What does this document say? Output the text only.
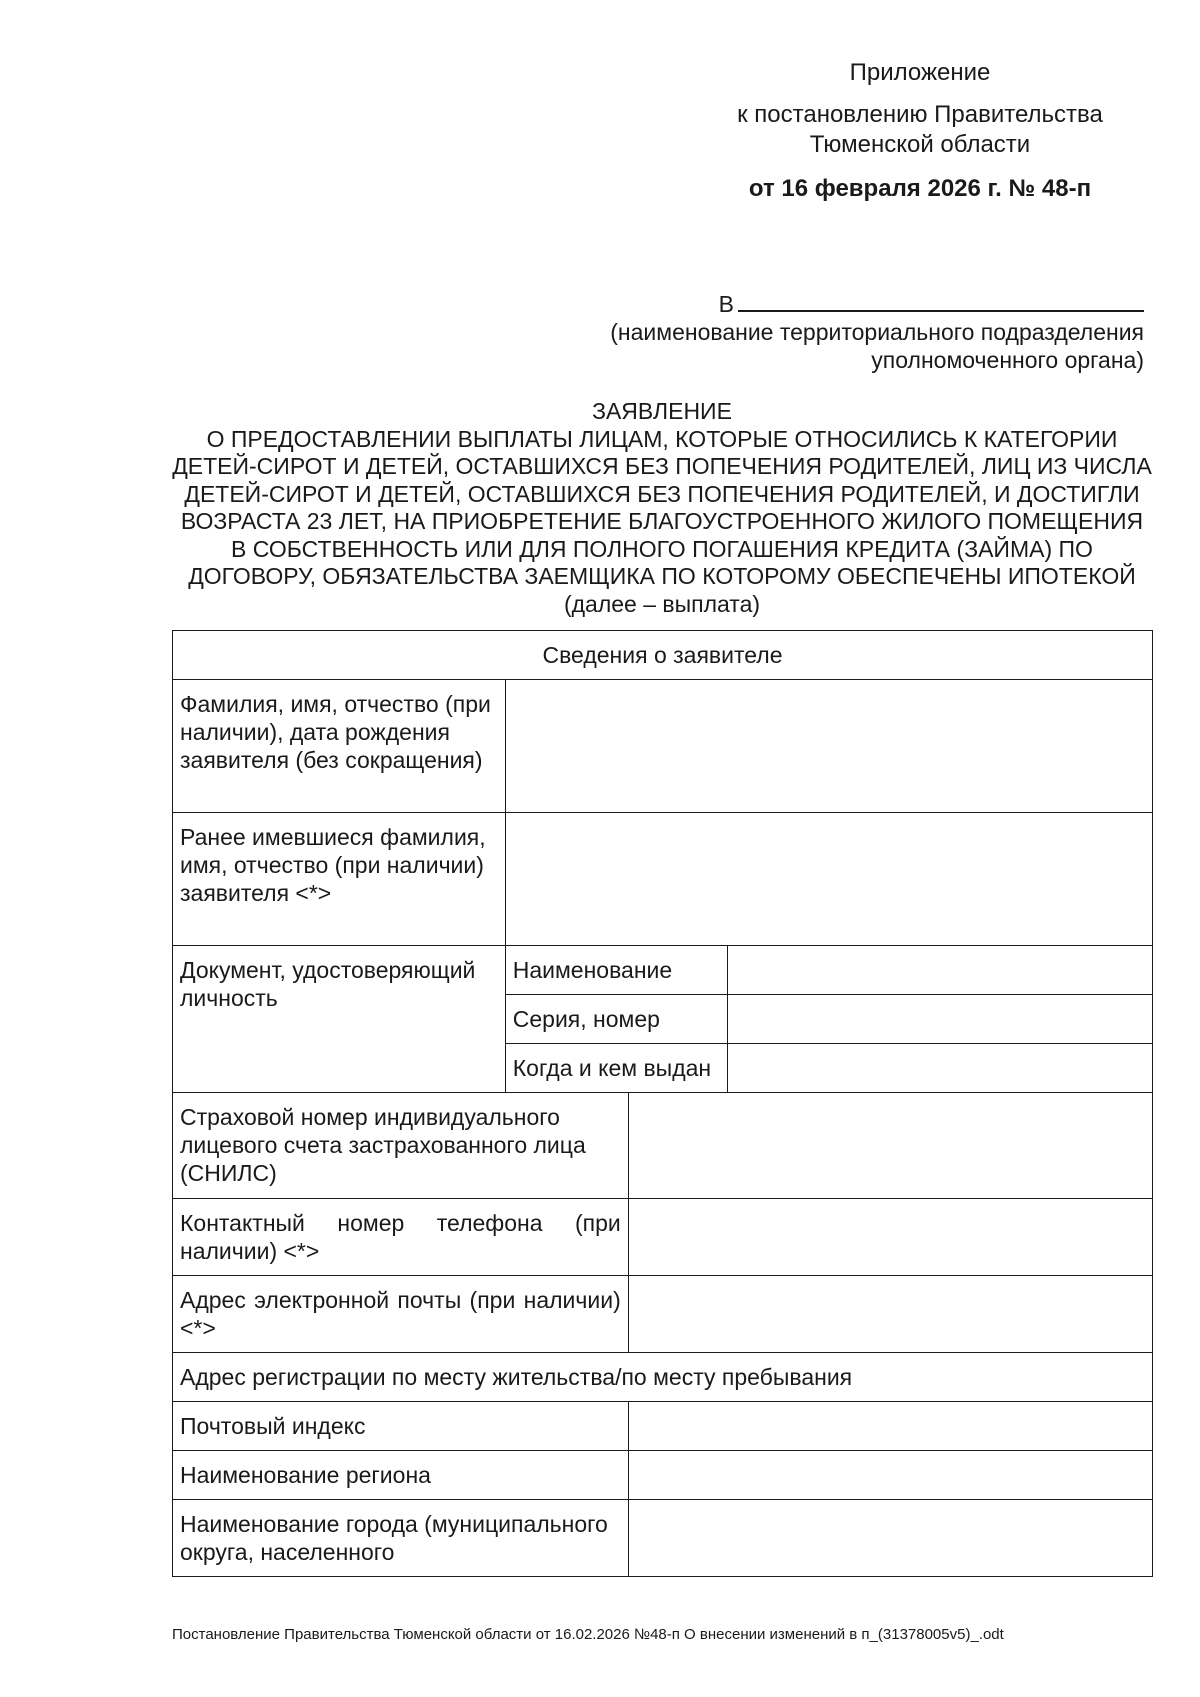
Приложение
к постановлению Правительства
Тюменской области
от 16 февраля 2026 г. № 48-п
В
(наименование территориального подразделения
уполномоченного органа)
ЗАЯВЛЕНИЕ
О ПРЕДОСТАВЛЕНИИ ВЫПЛАТЫ ЛИЦАМ, КОТОРЫЕ ОТНОСИЛИСЬ К КАТЕГОРИИ ДЕТЕЙ-СИРОТ И ДЕТЕЙ, ОСТАВШИХСЯ БЕЗ ПОПЕЧЕНИЯ РОДИТЕЛЕЙ, ЛИЦ ИЗ ЧИСЛА ДЕТЕЙ-СИРОТ И ДЕТЕЙ, ОСТАВШИХСЯ БЕЗ ПОПЕЧЕНИЯ РОДИТЕЛЕЙ, И ДОСТИГЛИ ВОЗРАСТА 23 ЛЕТ, НА ПРИОБРЕТЕНИЕ БЛАГОУСТРОЕННОГО ЖИЛОГО ПОМЕЩЕНИЯ В СОБСТВЕННОСТЬ ИЛИ ДЛЯ ПОЛНОГО ПОГАШЕНИЯ КРЕДИТА (ЗАЙМА) ПО ДОГОВОРУ, ОБЯЗАТЕЛЬСТВА ЗАЕМЩИКА ПО КОТОРОМУ ОБЕСПЕЧЕНЫ ИПОТЕКОЙ (далее – выплата)
Сведения о заявителе			
Фамилия, имя, отчество (при наличии), дата рождения заявителя (без сокращения)			
Ранее имевшиеся фамилия, имя, отчество (при наличии) заявителя <*>			
Документ, удостоверяющий личность	Наименование		
	Серия, номер		
	Когда и кем выдан		
Страховой номер индивидуального лицевого счета застрахованного лица (СНИЛС)			
Контактный номер телефона (при наличии) <*>			
Адрес электронной почты (при наличии) <*>			
Адрес регистрации по месту жительства/по месту пребывания			
Почтовый индекс			
Наименование региона			
Наименование города (муниципального округа, населенного			
Постановление Правительства Тюменской области от 16.02.2026 №48-п О внесении изменений в п_(31378005v5)_.odt
